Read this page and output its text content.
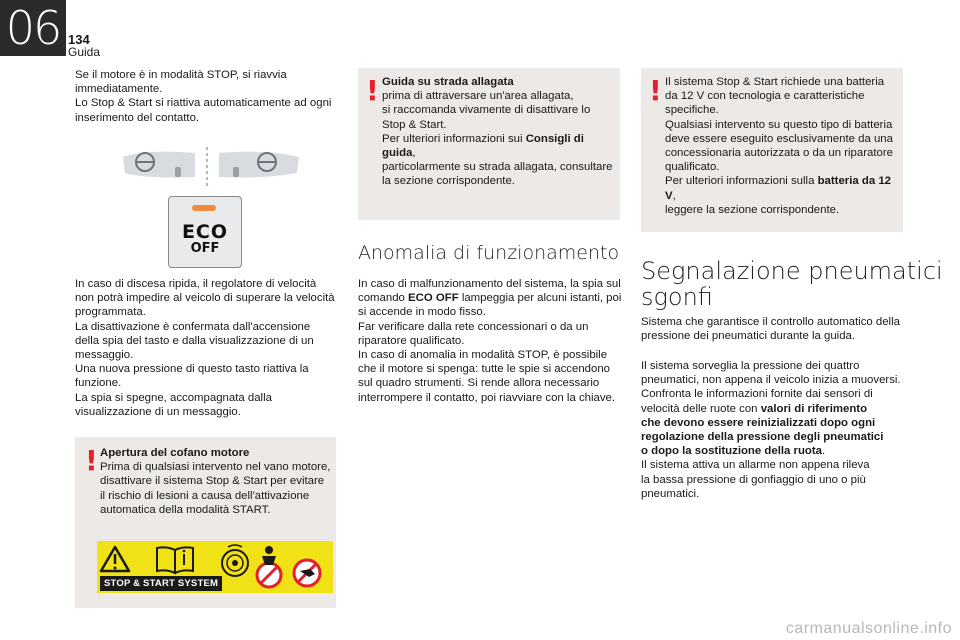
06 134
Guida
Se il motore è in modalità STOP, si riavvia
immediatamente.
Lo Stop & Start si riattiva automaticamente ad ogni
inserimento del contatto.
ECO
OFF
In caso di discesa ripida, il regolatore di velocità
non potrà impedire al veicolo di superare la velocità
programmata.
La disattivazione è confermata dall'accensione
della spia del tasto e dalla visualizzazione di un
messaggio.
Una nuova pressione di questo tasto riattiva la
funzione.
La spia si spegne, accompagnata dalla
visualizzazione di un messaggio.
! Apertura del cofano motore
Prima di qualsiasi intervento nel vano motore,
disattivare il sistema Stop & Start per evitare
il rischio di lesioni a causa dell'attivazione
automatica della modalità START.
STOP & START SYSTEM
! Guida su strada allagata
prima di attraversare un'area allagata,
si raccomanda vivamente di disattivare lo
Stop & Start.
Per ulteriori informazioni sui Consigli di guida,
particolarmente su strada allagata, consultare
la sezione corrispondente.
Anomalia di funzionamento
In caso di malfunzionamento del sistema, la spia sul
comando ECO OFF lampeggia per alcuni istanti, poi
si accende in modo fisso.
Far verificare dalla rete concessionari o da un
riparatore qualificato.
In caso di anomalia in modalità STOP, è possibile
che il motore si spenga: tutte le spie si accendono
sul quadro strumenti. Si rende allora necessario
interrompere il contatto, poi riavviare con la chiave.
! Il sistema Stop & Start richiede una batteria
da 12 V con tecnologia e caratteristiche
specifiche.
Qualsiasi intervento su questo tipo di batteria
deve essere eseguito esclusivamente da una
concessionaria autorizzata o da un riparatore
qualificato.
Per ulteriori informazioni sulla batteria da 12 V,
leggere la sezione corrispondente.
Segnalazione pneumatici
sgonfi
Sistema che garantisce il controllo automatico della
pressione dei pneumatici durante la guida.
Il sistema sorveglia la pressione dei quattro
pneumatici, non appena il veicolo inizia a muoversi.
Confronta le informazioni fornite dai sensori di
velocità delle ruote con valori di riferimento
che devono essere reinizializzati dopo ogni
regolazione della pressione degli pneumatici
o dopo la sostituzione della ruota.
Il sistema attiva un allarme non appena rileva
la bassa pressione di gonfiaggio di uno o più
pneumatici.
carmanualsonline.info
